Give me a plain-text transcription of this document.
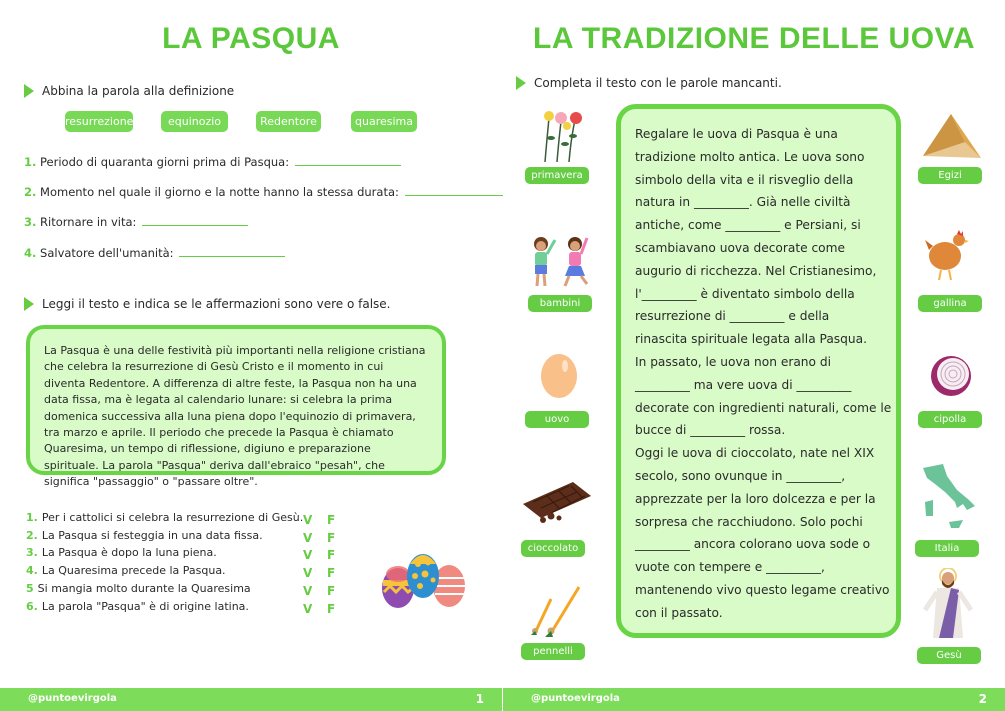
LA PASQUA
Abbina la parola alla definizione
resurrezione	equinozio	Redentore	quaresima
1. Periodo di quaranta giorni prima di Pasqua:
2. Momento nel quale il giorno e la notte hanno la stessa durata:
3. Ritornare in vita:
4. Salvatore dell'umanità:
Leggi il testo e indica se le affermazioni sono vere o false.
La Pasqua è una delle festività più importanti nella religione cristiana che celebra la resurrezione di Gesù Cristo e il momento in cui diventa Redentore. A differenza di altre feste, la Pasqua non ha una data fissa, ma è legata al calendario lunare: si celebra la prima domenica successiva alla luna piena dopo l'equinozio di primavera, tra marzo e aprile. Il periodo che precede la Pasqua è chiamato Quaresima, un tempo di riflessione, digiuno e preparazione spirituale. La parola "Pasqua" deriva dall'ebraico "pesah", che significa "passaggio" o "passare oltre".
1. Per i cattolici si celebra la resurrezione di Gesù. V F
2. La Pasqua si festeggia in una data fissa.	V F
3. La Pasqua è dopo la luna piena.	V F
4. La Quaresima precede la Pasqua.	V F
5 Si mangia molto durante la Quaresima	V F
6. La parola "Pasqua" è di origine latina.	V F
@puntoevirgola	1
LA TRADIZIONE DELLE UOVA
Completa il testo con le parole mancanti.
Regalare le uova di Pasqua è una
tradizione molto antica. Le uova sono
simbolo della vita e il risveglio della
natura in _________. Già nelle civiltà
antiche, come _________ e Persiani, si
scambiavano uova decorate come
augurio di ricchezza. Nel Cristianesimo,
l'_________ è diventato simbolo della
resurrezione di _________ e della
rinascita spirituale legata alla Pasqua.
In passato, le uova non erano di
_________ ma vere uova di _________
decorate con ingredienti naturali, come le
bucce di _________ rossa.
Oggi le uova di cioccolato, nate nel XIX
secolo, sono ovunque in _________,
apprezzate per la loro dolcezza e per la
sorpresa che racchiudono. Solo pochi
_________ ancora colorano uova sode o
vuote con tempere e _________,
mantenendo vivo questo legame creativo
con il passato.
primavera
bambini
uovo
cioccolato
pennelli
Egizi
gallina
cipolla
Italia
Gesù
@puntoevirgola	2
